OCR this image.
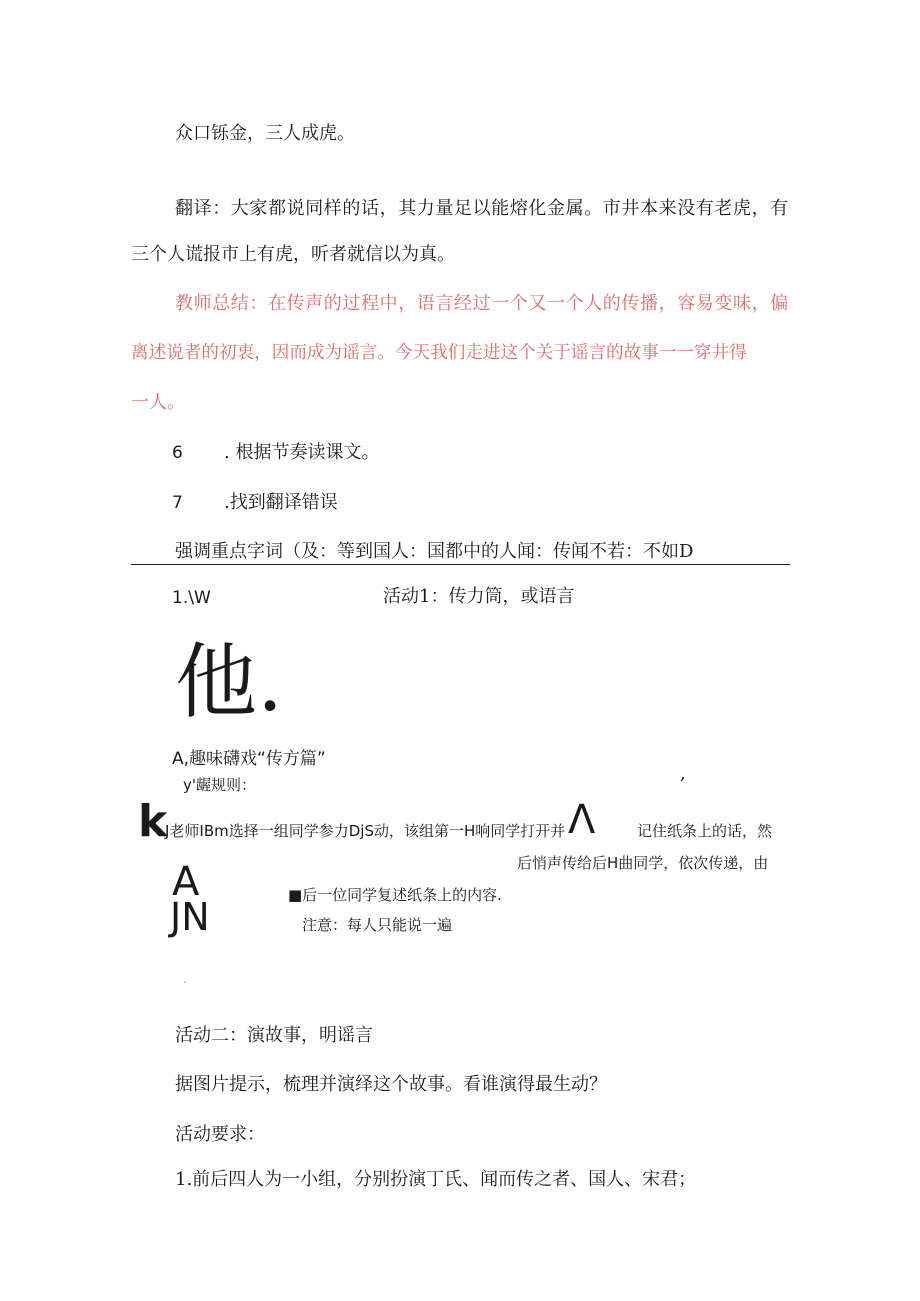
众口铄金，三人成虎。
翻译：大家都说同样的话，其力量足以能熔化金属。市井本来没有老虎，有
三个人谎报市上有虎，听者就信以为真。
教师总结：在传声的过程中，语言经过一个又一个人的传播，容易变味，偏
离述说者的初衷，因而成为谣言。今天我们走进这个关于谣言的故事一一穿井得
一人。
6 . 根据节奏读课文。
7 .找到翻译错误
强调重点字词（及：等到国人：国都中的人闻：传闻不若：不如D
1.\W	活动1：传力筒，或语言
他.
A,趣味礴戏“传方篇”
y'龌规则：
,
k
J老师IBm选择一组同学参力DjS动，该组第一H响同学打开并 Λ	记住纸条上的话，然
后悄声传给后H曲同学，依次传递，由
A	■后一位同学复述纸条上的内容.
JN	注意：每人只能说一遍
.
活动二：演故事，明谣言
据图片提示，梳理并演绎这个故事。看谁演得最生动？
活动要求：
1.前后四人为一小组，分别扮演丁氏、闻而传之者、国人、宋君；
